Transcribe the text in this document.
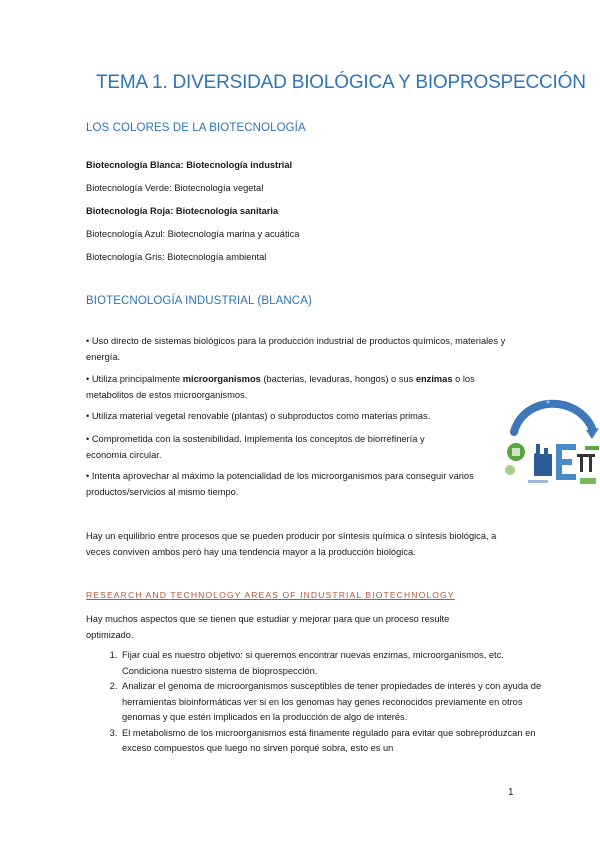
TEMA 1. DIVERSIDAD BIOLÓGICA Y BIOPROSPECCIÓN
LOS COLORES DE LA BIOTECNOLOGÍA
Biotecnología Blanca: Biotecnología industrial
Biotecnología Verde: Biotecnología vegetal
Biotecnología Roja: Biotecnología sanitaria
Biotecnología Azul: Biotecnología marina y acuática
Biotecnología Gris: Biotecnología ambiental
BIOTECNOLOGÍA INDUSTRIAL (BLANCA)
• Uso directo de sistemas biológicos para la producción industrial de productos químicos, materiales y energía.
• Utiliza principalmente microorganismos (bacterias, levaduras, hongos) o sus enzimas o los metabolitos de estos microorganismos.
• Utiliza material vegetal renovable (plantas) o subproductos como materias primas.
• Comprometida con la sostenibilidad. Implementa los conceptos de biorrefinería y economía circular.
• Intenta aprovechar al máximo la potencialidad de los microorganismos para conseguir varios productos/servicios al mismo tiempo.
Hay un equilibrio entre procesos que se pueden producir por síntesis química o síntesis biológica, a veces conviven ambos però hay una tendencia mayor a la producción biológica.
RESEARCH AND TECHNOLOGY AREAS OF INDUSTRIAL BIOTECHNOLOGY
Hay muchos aspectos que se tienen que estudiar y mejorar para que un proceso resulte optimizado.
1. Fijar cual es nuestro objetivo: si queremos encontrar nuevas enzimas, microorganismos, etc. Condiciona nuestro sistema de bioprospección.
2. Analizar el genoma de microorganismos susceptibles de tener propiedades de interés y con ayuda de herramientas bioinformáticas ver si en los genomas hay genes reconocidos previamente en otros genomas y que estén implicados en la producción de algo de interés.
3. El metabolismo de los microorganismos está finamente regulado para evitar que sobreproduzcan en exceso compuestos que luego no sirven porqué sobra, esto es un
1
